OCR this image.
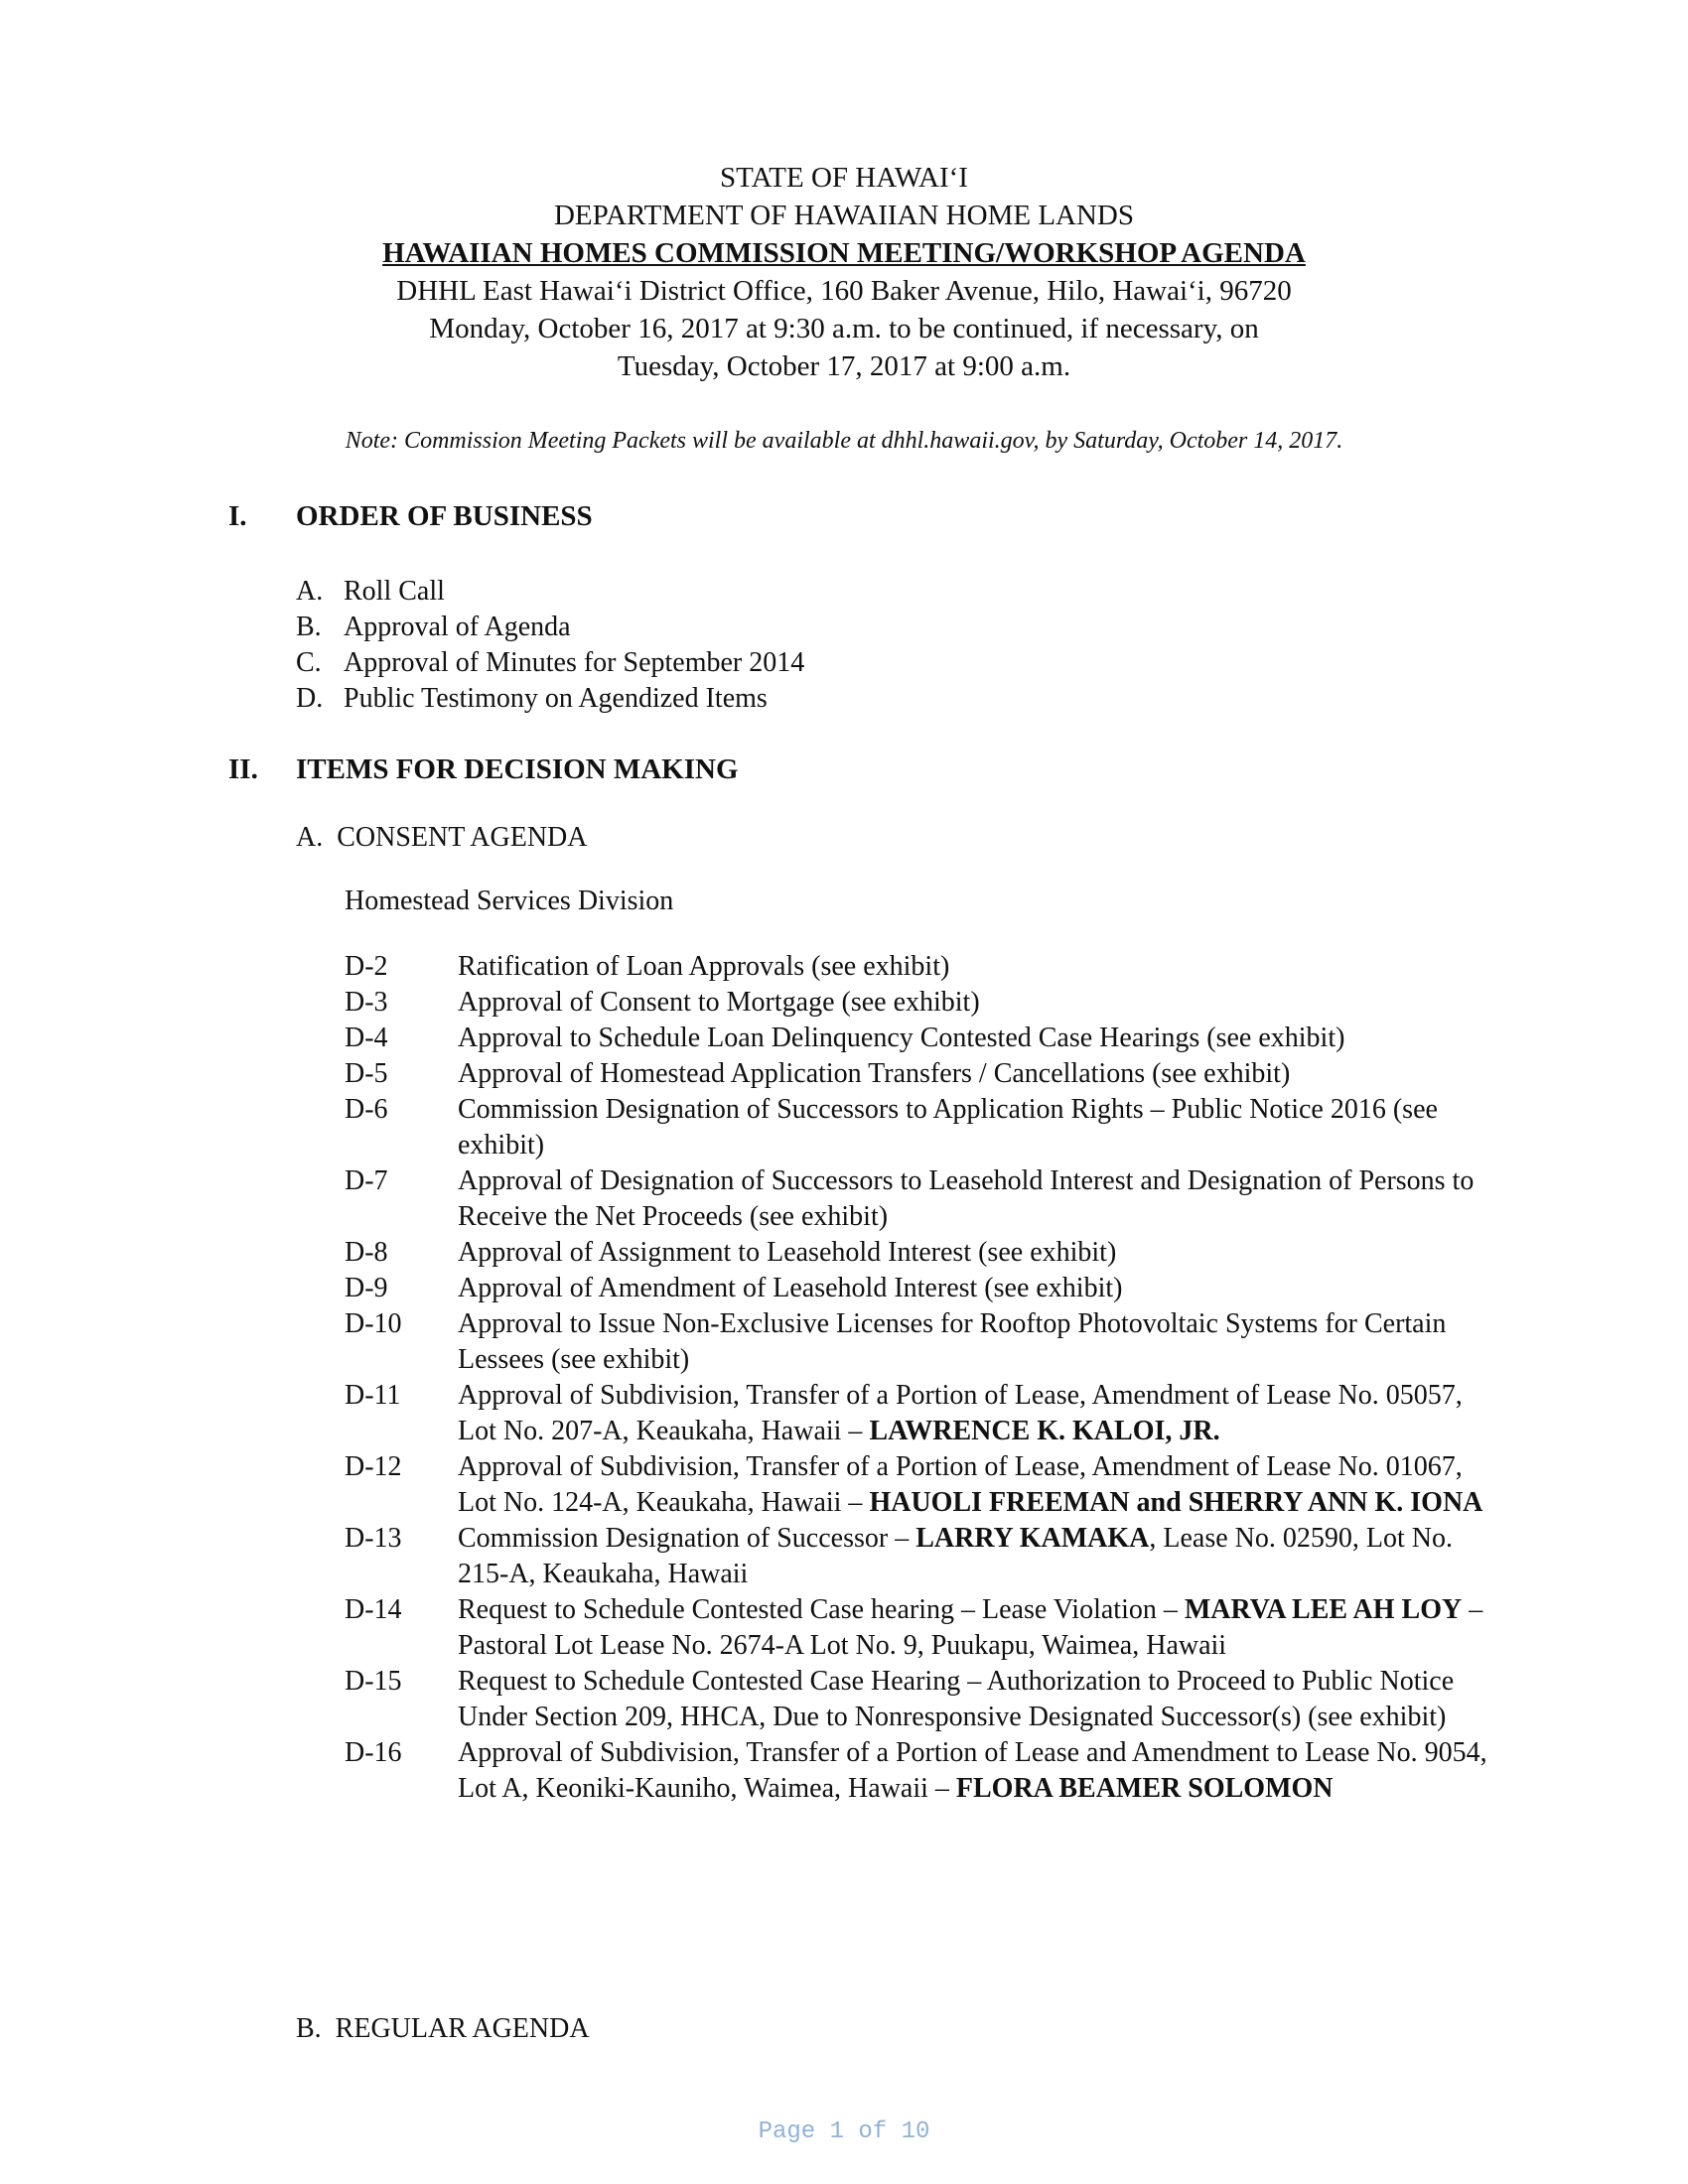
STATE OF HAWAIʻI
DEPARTMENT OF HAWAIIAN HOME LANDS
HAWAIIAN HOMES COMMISSION MEETING/WORKSHOP AGENDA
DHHL East Hawaiʻi District Office, 160 Baker Avenue, Hilo, Hawaiʻi, 96720
Monday, October 16, 2017 at 9:30 a.m. to be continued, if necessary, on
Tuesday, October 17, 2017 at 9:00 a.m.
Note: Commission Meeting Packets will be available at dhhl.hawaii.gov, by Saturday, October 14, 2017.
I. ORDER OF BUSINESS
A. Roll Call
B. Approval of Agenda
C. Approval of Minutes for September 2014
D. Public Testimony on Agendized Items
II. ITEMS FOR DECISION MAKING
A.  CONSENT AGENDA
Homestead Services Division
D-2	Ratification of Loan Approvals (see exhibit)
D-3	Approval of Consent to Mortgage (see exhibit)
D-4	Approval to Schedule Loan Delinquency Contested Case Hearings (see exhibit)
D-5	Approval of Homestead Application Transfers / Cancellations (see exhibit)
D-6	Commission Designation of Successors to Application Rights – Public Notice 2016 (see exhibit)
D-7	Approval of Designation of Successors to Leasehold Interest and Designation of Persons to Receive the Net Proceeds (see exhibit)
D-8	Approval of Assignment to Leasehold Interest (see exhibit)
D-9	Approval of Amendment of Leasehold Interest (see exhibit)
D-10	Approval to Issue Non-Exclusive Licenses for Rooftop Photovoltaic Systems for Certain Lessees (see exhibit)
D-11	Approval of Subdivision, Transfer of a Portion of Lease, Amendment of Lease No. 05057, Lot No. 207-A, Keaukaha, Hawaii – LAWRENCE K. KALOI, JR.
D-12	Approval of Subdivision, Transfer of a Portion of Lease, Amendment of Lease No. 01067, Lot No. 124-A, Keaukaha, Hawaii – HAUOLI FREEMAN and SHERRY ANN K. IONA
D-13	Commission Designation of Successor – LARRY KAMAKA, Lease No. 02590, Lot No. 215-A, Keaukaha, Hawaii
D-14	Request to Schedule Contested Case hearing – Lease Violation – MARVA LEE AH LOY – Pastoral Lot Lease No. 2674-A Lot No. 9, Puukapu, Waimea, Hawaii
D-15	Request to Schedule Contested Case Hearing – Authorization to Proceed to Public Notice Under Section 209, HHCA, Due to Nonresponsive Designated Successor(s) (see exhibit)
D-16	Approval of Subdivision, Transfer of a Portion of Lease and Amendment to Lease No. 9054, Lot A, Keoniki-Kauniho, Waimea, Hawaii – FLORA BEAMER SOLOMON
B.  REGULAR AGENDA
Page 1 of 10
